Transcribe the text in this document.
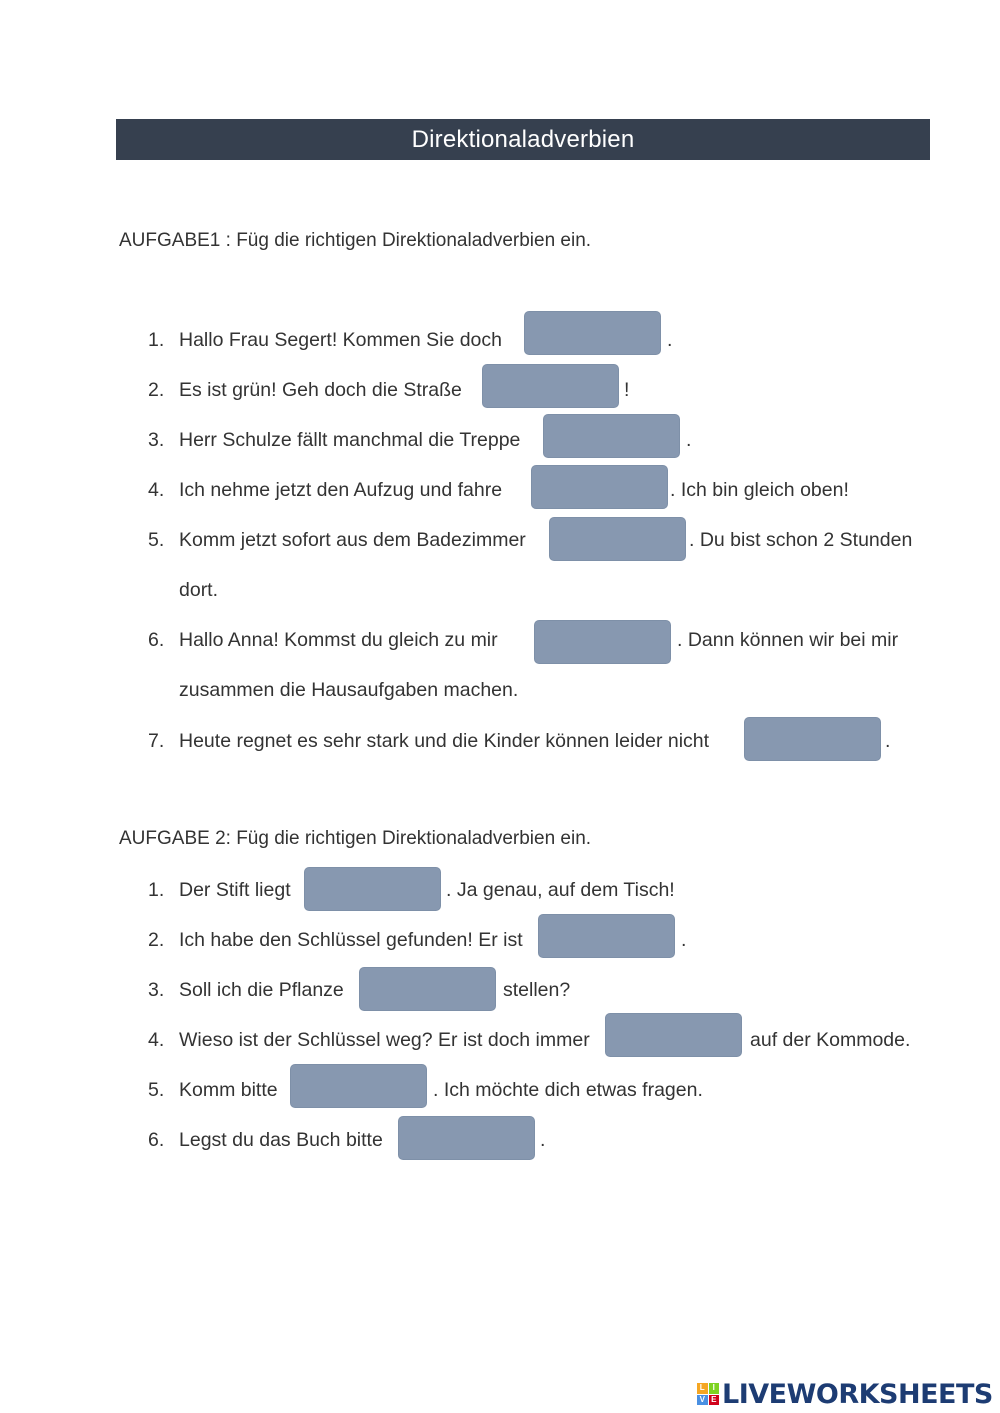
Direktionaladverbien
AUFGABE1 : Füg die richtigen Direktionaladverbien ein.
1. Hallo Frau Segert! Kommen Sie doch	.
2. Es ist grün! Geh doch die Straße	!
3. Herr Schulze fällt manchmal die Treppe	.
4. Ich nehme jetzt den Aufzug und fahre	. Ich bin gleich oben!
5. Komm jetzt sofort aus dem Badezimmer	. Du bist schon 2 Stunden
dort.
6. Hallo Anna! Kommst du gleich zu mir	. Dann können wir bei mir
zusammen die Hausaufgaben machen.
7. Heute regnet es sehr stark und die Kinder können leider nicht	.
AUFGABE 2: Füg die richtigen Direktionaladverbien ein.
1. Der Stift liegt	. Ja genau, auf dem Tisch!
2. Ich habe den Schlüssel gefunden! Er ist	.
3. Soll ich die Pflanze	stellen?
4. Wieso ist der Schlüssel weg? Er ist doch immer	auf der Kommode.
5. Komm bitte	. Ich möchte dich etwas fragen.
6. Legst du das Buch bitte	.
L I
V E LIVEWORKSHEETS
